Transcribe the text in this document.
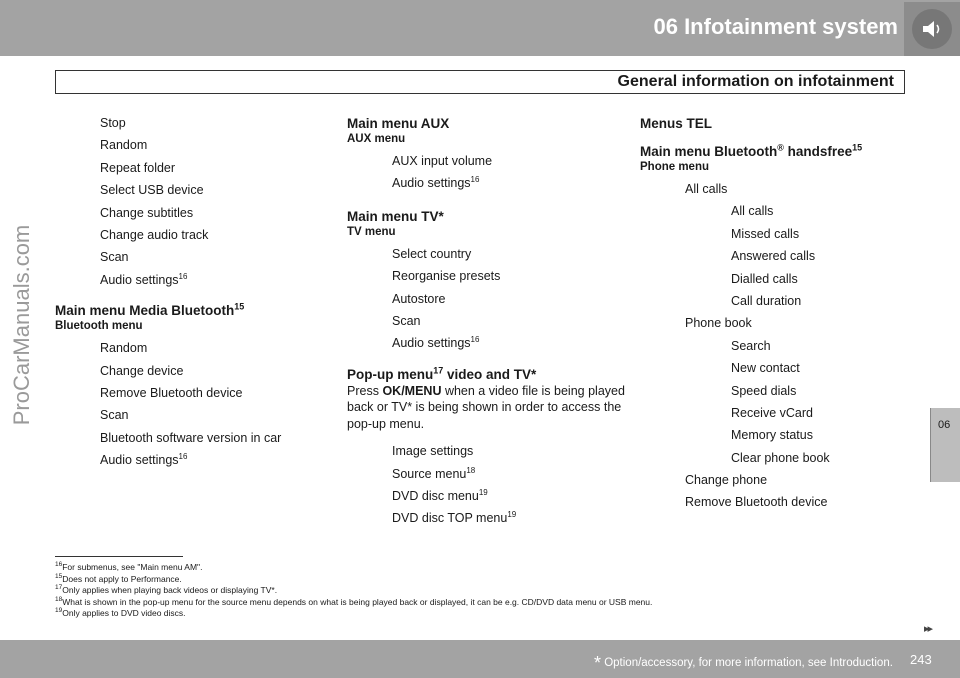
06 Infotainment system
General information on infotainment
ProCarManuals.com	06
Stop
Random
Repeat folder
Select USB device
Change subtitles
Change audio track
Scan
Audio settings$^{16}$
Main menu Media Bluetooth$^{15}$
Bluetooth menu
Random
Change device
Remove Bluetooth device
Scan
Bluetooth software version in car
Audio settings$^{16}$
Main menu AUX
AUX menu
AUX input volume
Audio settings$^{16}$
Main menu TV*
TV menu
Select country
Reorganise presets
Autostore
Scan
Audio settings$^{16}$
Pop-up menu$^{17}$ video and TV*
Press OK/MENU when a video file is being played back or TV* is being shown in order to access the pop-up menu.
Image settings
Source menu$^{18}$
DVD disc menu$^{19}$
DVD disc TOP menu$^{19}$
Menus TEL
Main menu Bluetooth® handsfree$^{15}$
Phone menu
All calls
All calls
Missed calls
Answered calls
Dialled calls
Call duration
Phone book
Search
New contact
Speed dials
Receive vCard
Memory status
Clear phone book
Change phone
Remove Bluetooth device
$^{16}$For submenus, see "Main menu AM".
$^{15}$Does not apply to Performance.
$^{17}$Only applies when playing back videos or displaying TV*.
$^{18}$What is shown in the pop-up menu for the source menu depends on what is being played back or displayed, it can be e.g. CD/DVD data menu or USB menu.
$^{19}$Only applies to DVD video discs.
▸▸
* Option/accessory, for more information, see Introduction. 243
